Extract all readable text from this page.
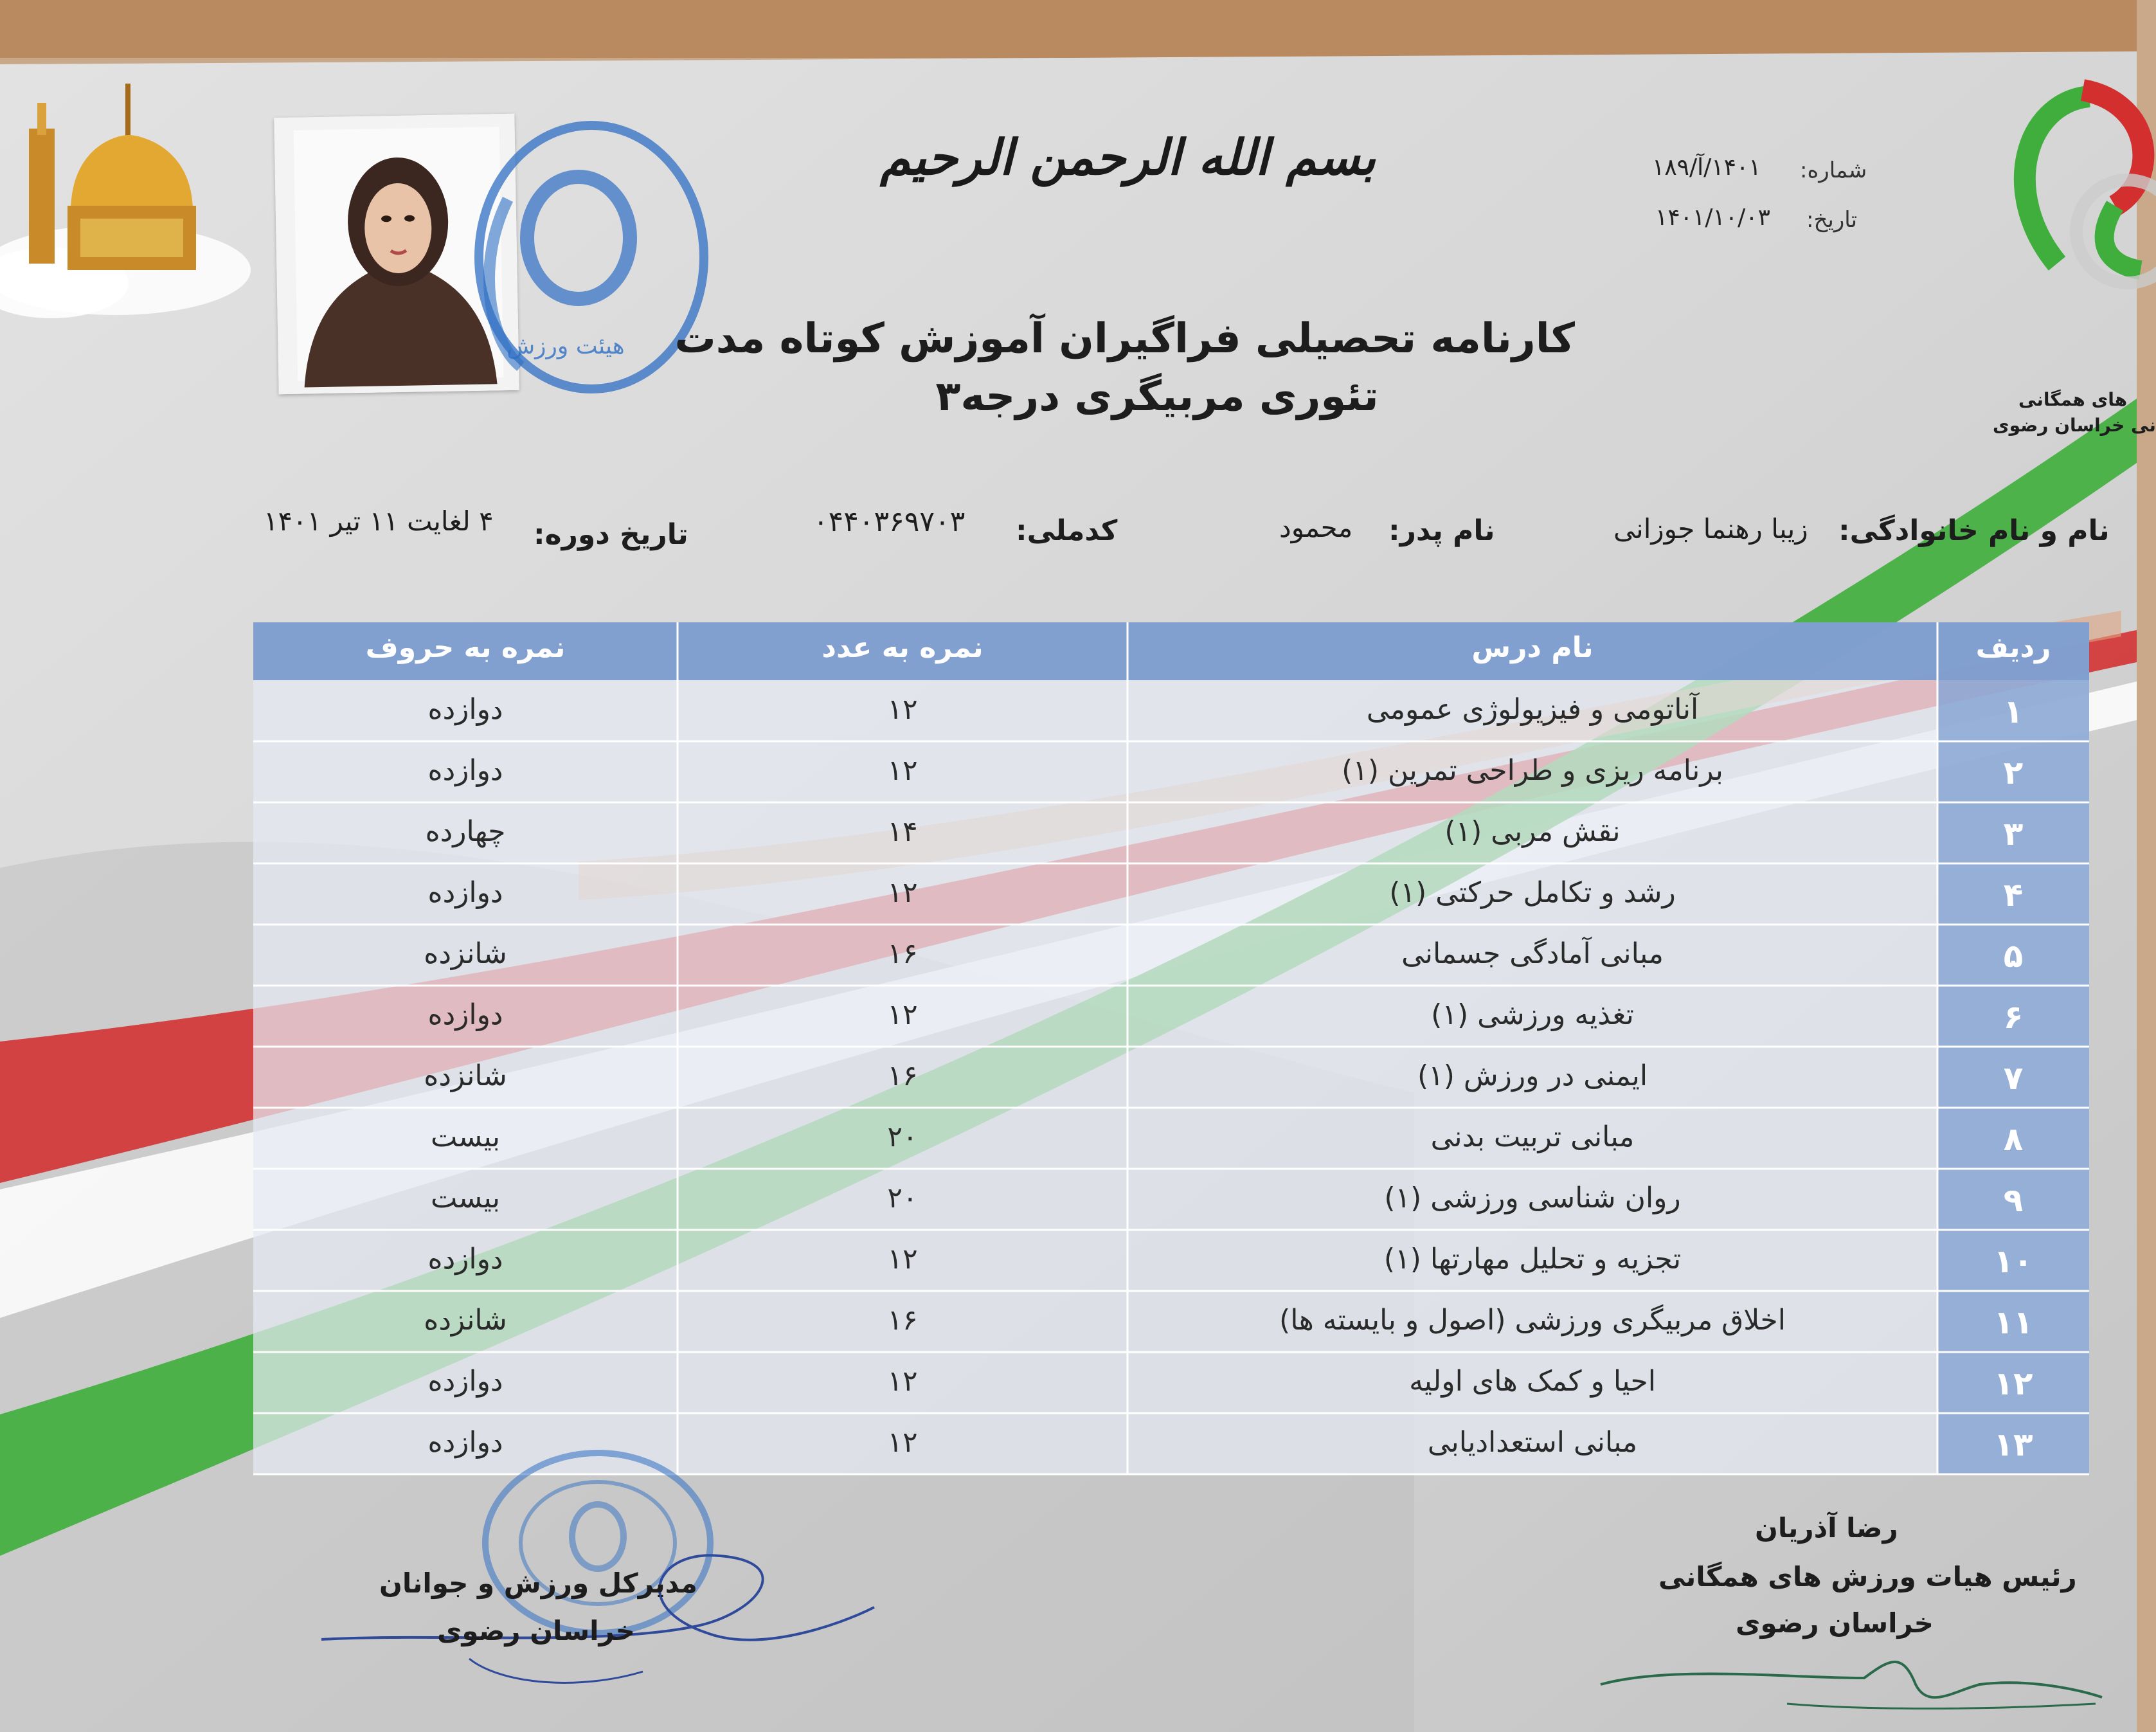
هیئت ورزش
های همگانی
نی خراسان رضوی
بسم الله الرحمن الرحیم	شماره:
۱۴۰۱/آ/۱۸۹
تاریخ:
۱۴۰۱/۱۰/۰۳
کارنامه تحصیلی فراگیران آموزش کوتاه مدت
تئوری مربیگری درجه۳
نام و نام خانوادگی:
زیبا رهنما جوزانی
نام پدر:
محمود
کدملی:
۰۴۴۰۳۶۹۷۰۳
تاریخ دوره:
۴ لغایت ۱۱ تیر ۱۴۰۱
نمره به حروف	نمره به عدد	نام درس	ردیف
دوازده	۱۲	آناتومی و فیزیولوژی عمومی	۱
دوازده	۱۲	برنامه ریزی و طراحی تمرین (۱)	۲
چهارده	۱۴	نقش مربی (۱)	۳
دوازده	۱۲	رشد و تکامل حرکتی (۱)	۴
شانزده	۱۶	مبانی آمادگی جسمانی	۵
دوازده	۱۲	تغذیه ورزشی (۱)	۶
شانزده	۱۶	ایمنی در ورزش (۱)	۷
بیست	۲۰	مبانی تربیت بدنی	۸
بیست	۲۰	روان شناسی ورزشی (۱)	۹
دوازده	۱۲	تجزیه و تحلیل مهارتها (۱)	۱۰
شانزده	۱۶	اخلاق مربیگری ورزشی (اصول و بایسته ها)	۱۱
دوازده	۱۲	احیا و کمک های اولیه	۱۲
دوازده	۱۲	مبانی استعدادیابی	۱۳
مدیرکل ورزش و جوانان
خراسان رضوی
رضا آذریان
رئیس هیات ورزش های همگانی
خراسان رضوی
